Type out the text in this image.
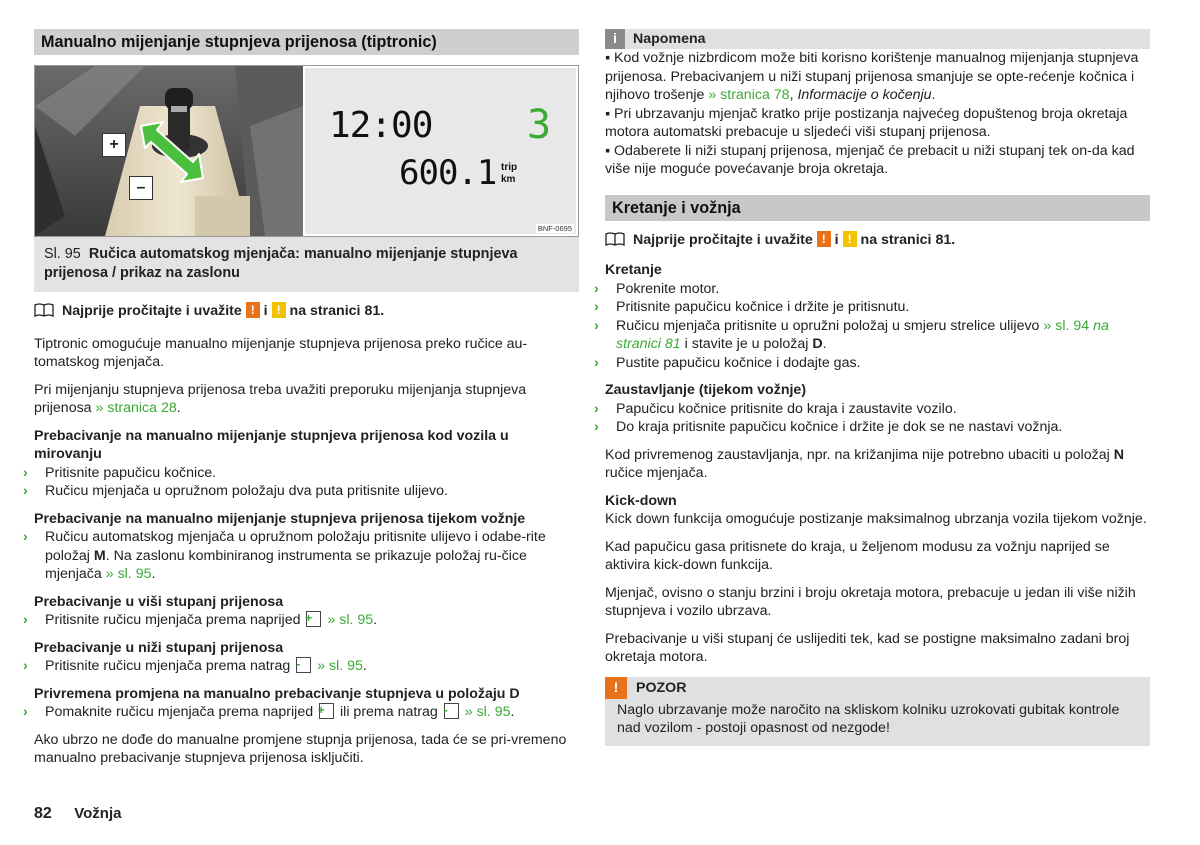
Manualno mijenjanje stupnjeva prijenosa (tiptronic)
+
–
12:00 3
600.1 trip
km
BNF-0695
Sl. 95 Ručica automatskog mjenjača: manualno mijenjanje stupnjeva prijenosa / prikaz na zaslonu
Najprije pročitajte i uvažite ! i ! na stranici 81.

Tiptronic omogućuje manualno mijenjanje stupnjeva prijenosa preko ručice au-tomatskog mjenjača.

Pri mijenjanju stupnjeva prijenosa treba uvažiti preporuku mijenjanja stupnjeva prijenosa » stranica 28.

Prebacivanje na manualno mijenjanje stupnjeva prijenosa kod vozila u mirovanju
› Pritisnite papučicu kočnice.
› Ručicu mjenjača u opružnom položaju dva puta pritisnite ulijevo.
Prebacivanje na manualno mijenjanje stupnjeva prijenosa tijekom vožnje
› Ručicu automatskog mjenjača u opružnom položaju pritisnite ulijevo i odabe-rite položaj M. Na zaslonu kombiniranog instrumenta se prikazuje položaj ru-čice mjenjača » sl. 95.
Prebacivanje u viši stupanj prijenosa
› Pritisnite ručicu mjenjača prema naprijed + » sl. 95.
Prebacivanje u niži stupanj prijenosa
› Pritisnite ručicu mjenjača prema natrag - » sl. 95.
Privremena promjena na manualno prebacivanje stupnjeva u položaju D
› Pomaknite ručicu mjenjača prema naprijed + ili prema natrag - » sl. 95.

Ako ubrzo ne dođe do manualne promjene stupnja prijenosa, tada će se pri-vremeno manualno prebacivanje stupnjeva prijenosa isključiti.

i Napomena
▪ Kod vožnje nizbrdicom može biti korisno korištenje manualnog mijenjanja stupnjeva prijenosa. Prebacivanjem u niži stupanj prijenosa smanjuje se opte-rećenje kočnica i njihovo trošenje » stranica 78, Informacije o kočenju.
▪ Pri ubrzavanju mjenjač kratko prije postizanja najvećeg dopuštenog broja okretaja motora automatski prebacuje u sljedeći viši stupanj prijenosa.
▪ Odaberete li niži stupanj prijenosa, mjenjač će prebacit u niži stupanj tek on-da kad više nije moguće povećavanje broja okretaja.
Kretanje i vožnja
Najprije pročitajte i uvažite ! i ! na stranici 81.
Kretanje
› Pokrenite motor.
› Pritisnite papučicu kočnice i držite je pritisnutu.
› Ručicu mjenjača pritisnite u opružni položaj u smjeru strelice ulijevo » sl. 94 na stranici 81 i stavite je u položaj D.
› Pustite papučicu kočnice i dodajte gas.
Zaustavljanje (tijekom vožnje)
› Papučicu kočnice pritisnite do kraja i zaustavite vozilo.
› Do kraja pritisnite papučicu kočnice i držite je dok se ne nastavi vožnja.

Kod privremenog zaustavljanja, npr. na križanjima nije potrebno ubaciti u položaj N ručice mjenjača.

Kick-down

Kick down funkcija omogućuje postizanje maksimalnog ubrzanja vozila tijekom vožnje.

Kad papučicu gasa pritisnete do kraja, u željenom modusu za vožnju naprijed se aktivira kick-down funkcija.

Mjenjač, ovisno o stanju brzini i broju okretaja motora, prebacuje u jedan ili više nižih stupnjeva i vozilo ubrzava.

Prebacivanje u viši stupanj će uslijediti tek, kad se postigne maksimalno zadani broj okretaja motora.

! POZOR
Naglo ubrzavanje može naročito na skliskom kolniku uzrokovati gubitak kontrole nad vozilom - postoji opasnost od nezgode!
82 Vožnja
